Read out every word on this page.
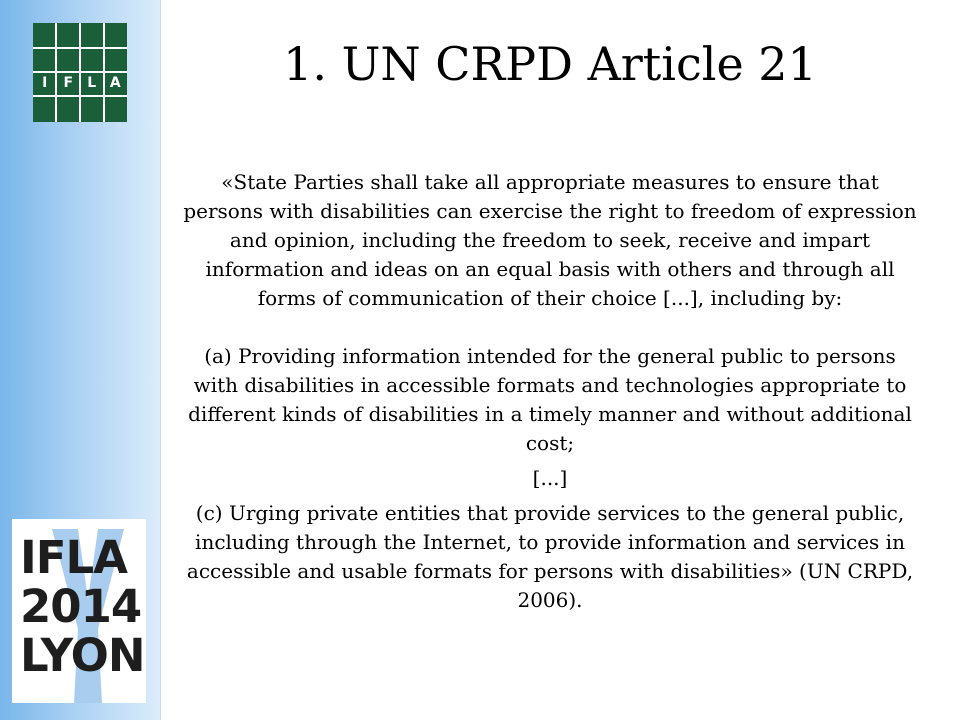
I	F	L A
IFLA
2014
LYON
1. UN CRPD Article 21

«State Parties shall take all appropriate measures to ensure that persons with disabilities can exercise the right to freedom of expression and opinion, including the freedom to seek, receive and impart information and ideas on an equal basis with others and through all forms of communication of their choice [...], including by:

(a) Providing information intended for the general public to persons with disabilities in accessible formats and technologies appropriate to different kinds of disabilities in a timely manner and without additional cost;

[...]

(c) Urging private entities that provide services to the general public, including through the Internet, to provide information and services in accessible and usable formats for persons with disabilities» (UN CRPD, 2006).
